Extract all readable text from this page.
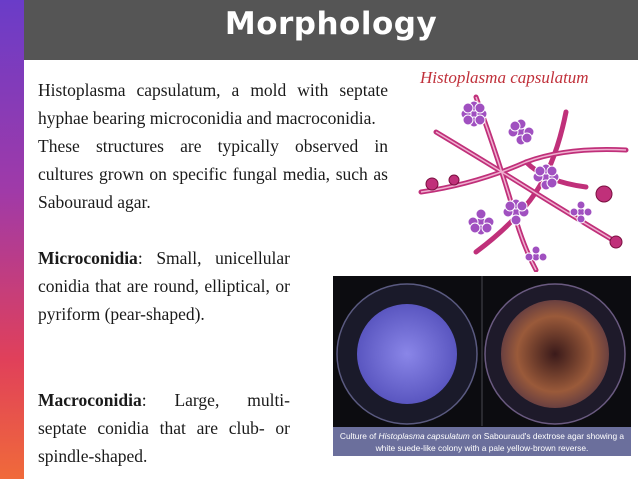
Morphology
Histoplasma capsulatum, a mold with septate hyphae bearing microconidia and macroconidia.
These structures are typically observed in cultures grown on specific fungal media, such as Sabouraud agar.
Microconidia: Small, unicellular conidia that are round, elliptical, or pyriform (pear-shaped).
Macroconidia: Large, multi-septate conidia that are club- or spindle-shaped.
Histoplasma capsulatum
Culture of Histoplasma capsulatum on Sabouraud's dextrose agar showing a white suede-like colony with a pale yellow-brown reverse.
